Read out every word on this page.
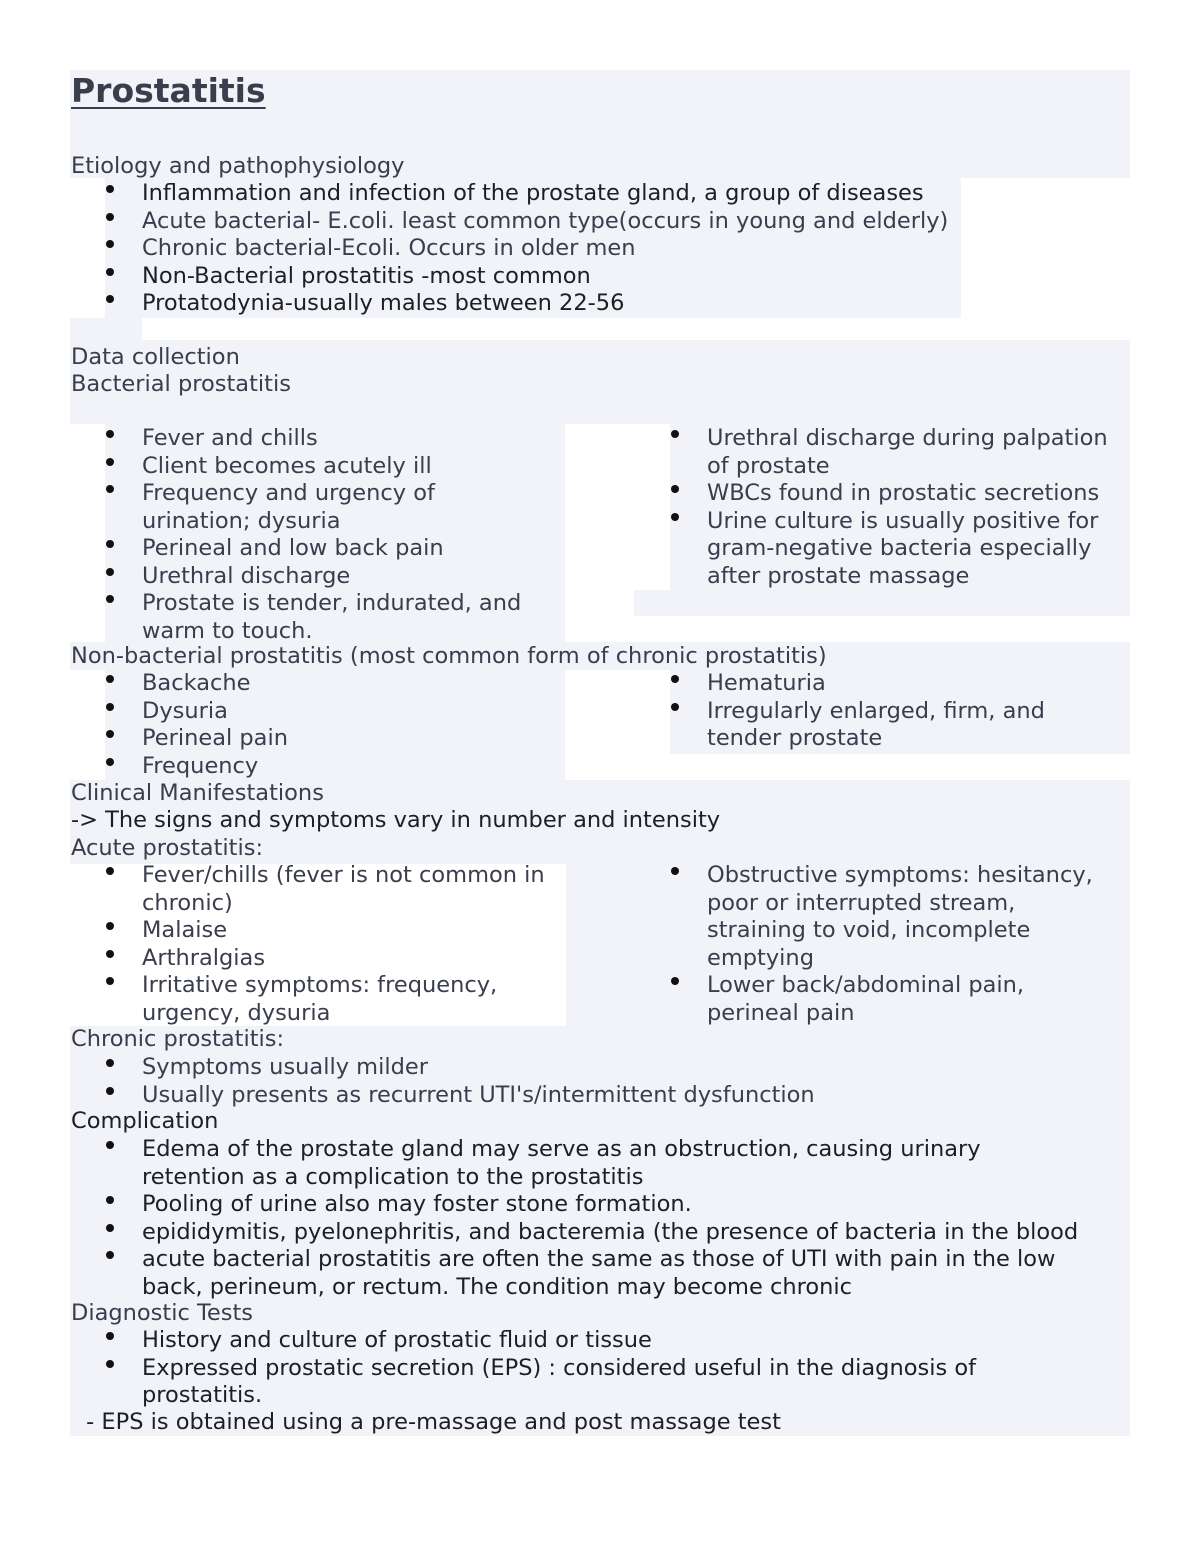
Prostatitis

Etiology and pathophysiology

Inflammation and infection of the prostate gland, a group of diseases
Acute bacterial- E.coli. least common type(occurs in young and elderly)
Chronic bacterial-Ecoli. Occurs in older men
Non-Bacterial prostatitis -most common
Protatodynia-usually males between 22-56

Data collection

Bacterial prostatitis

Fever and chills
Client becomes acutely ill
Frequency and urgency of
urination; dysuria
Perineal and low back pain
Urethral discharge
Prostate is tender, indurated, and
warm to touch.
Urethral discharge during palpation
of prostate
WBCs found in prostatic secretions
Urine culture is usually positive for
gram-negative bacteria especially
after prostate massage

Non-bacterial prostatitis (most common form of chronic prostatitis)

Backache
Dysuria
Perineal pain
Frequency
Hematuria
Irregularly enlarged, firm, and
tender prostate

Clinical Manifestations

-> The signs and symptoms vary in number and intensity

Acute prostatitis:

Fever/chills (fever is not common in
chronic)
Malaise
Arthralgias
Irritative symptoms: frequency,
urgency, dysuria
Obstructive symptoms: hesitancy,
poor or interrupted stream,
straining to void, incomplete
emptying
Lower back/abdominal pain,
perineal pain

Chronic prostatitis:

Symptoms usually milder
Usually presents as recurrent UTI's/intermittent dysfunction

Complication

Edema of the prostate gland may serve as an obstruction, causing urinary
retention as a complication to the prostatitis
Pooling of urine also may foster stone formation.
epididymitis, pyelonephritis, and bacteremia (the presence of bacteria in the blood
acute bacterial prostatitis are often the same as those of UTI with pain in the low
back, perineum, or rectum. The condition may become chronic

Diagnostic Tests

History and culture of prostatic fluid or tissue
Expressed prostatic secretion (EPS) : considered useful in the diagnosis of
prostatitis.

- EPS is obtained using a pre-massage and post massage test
